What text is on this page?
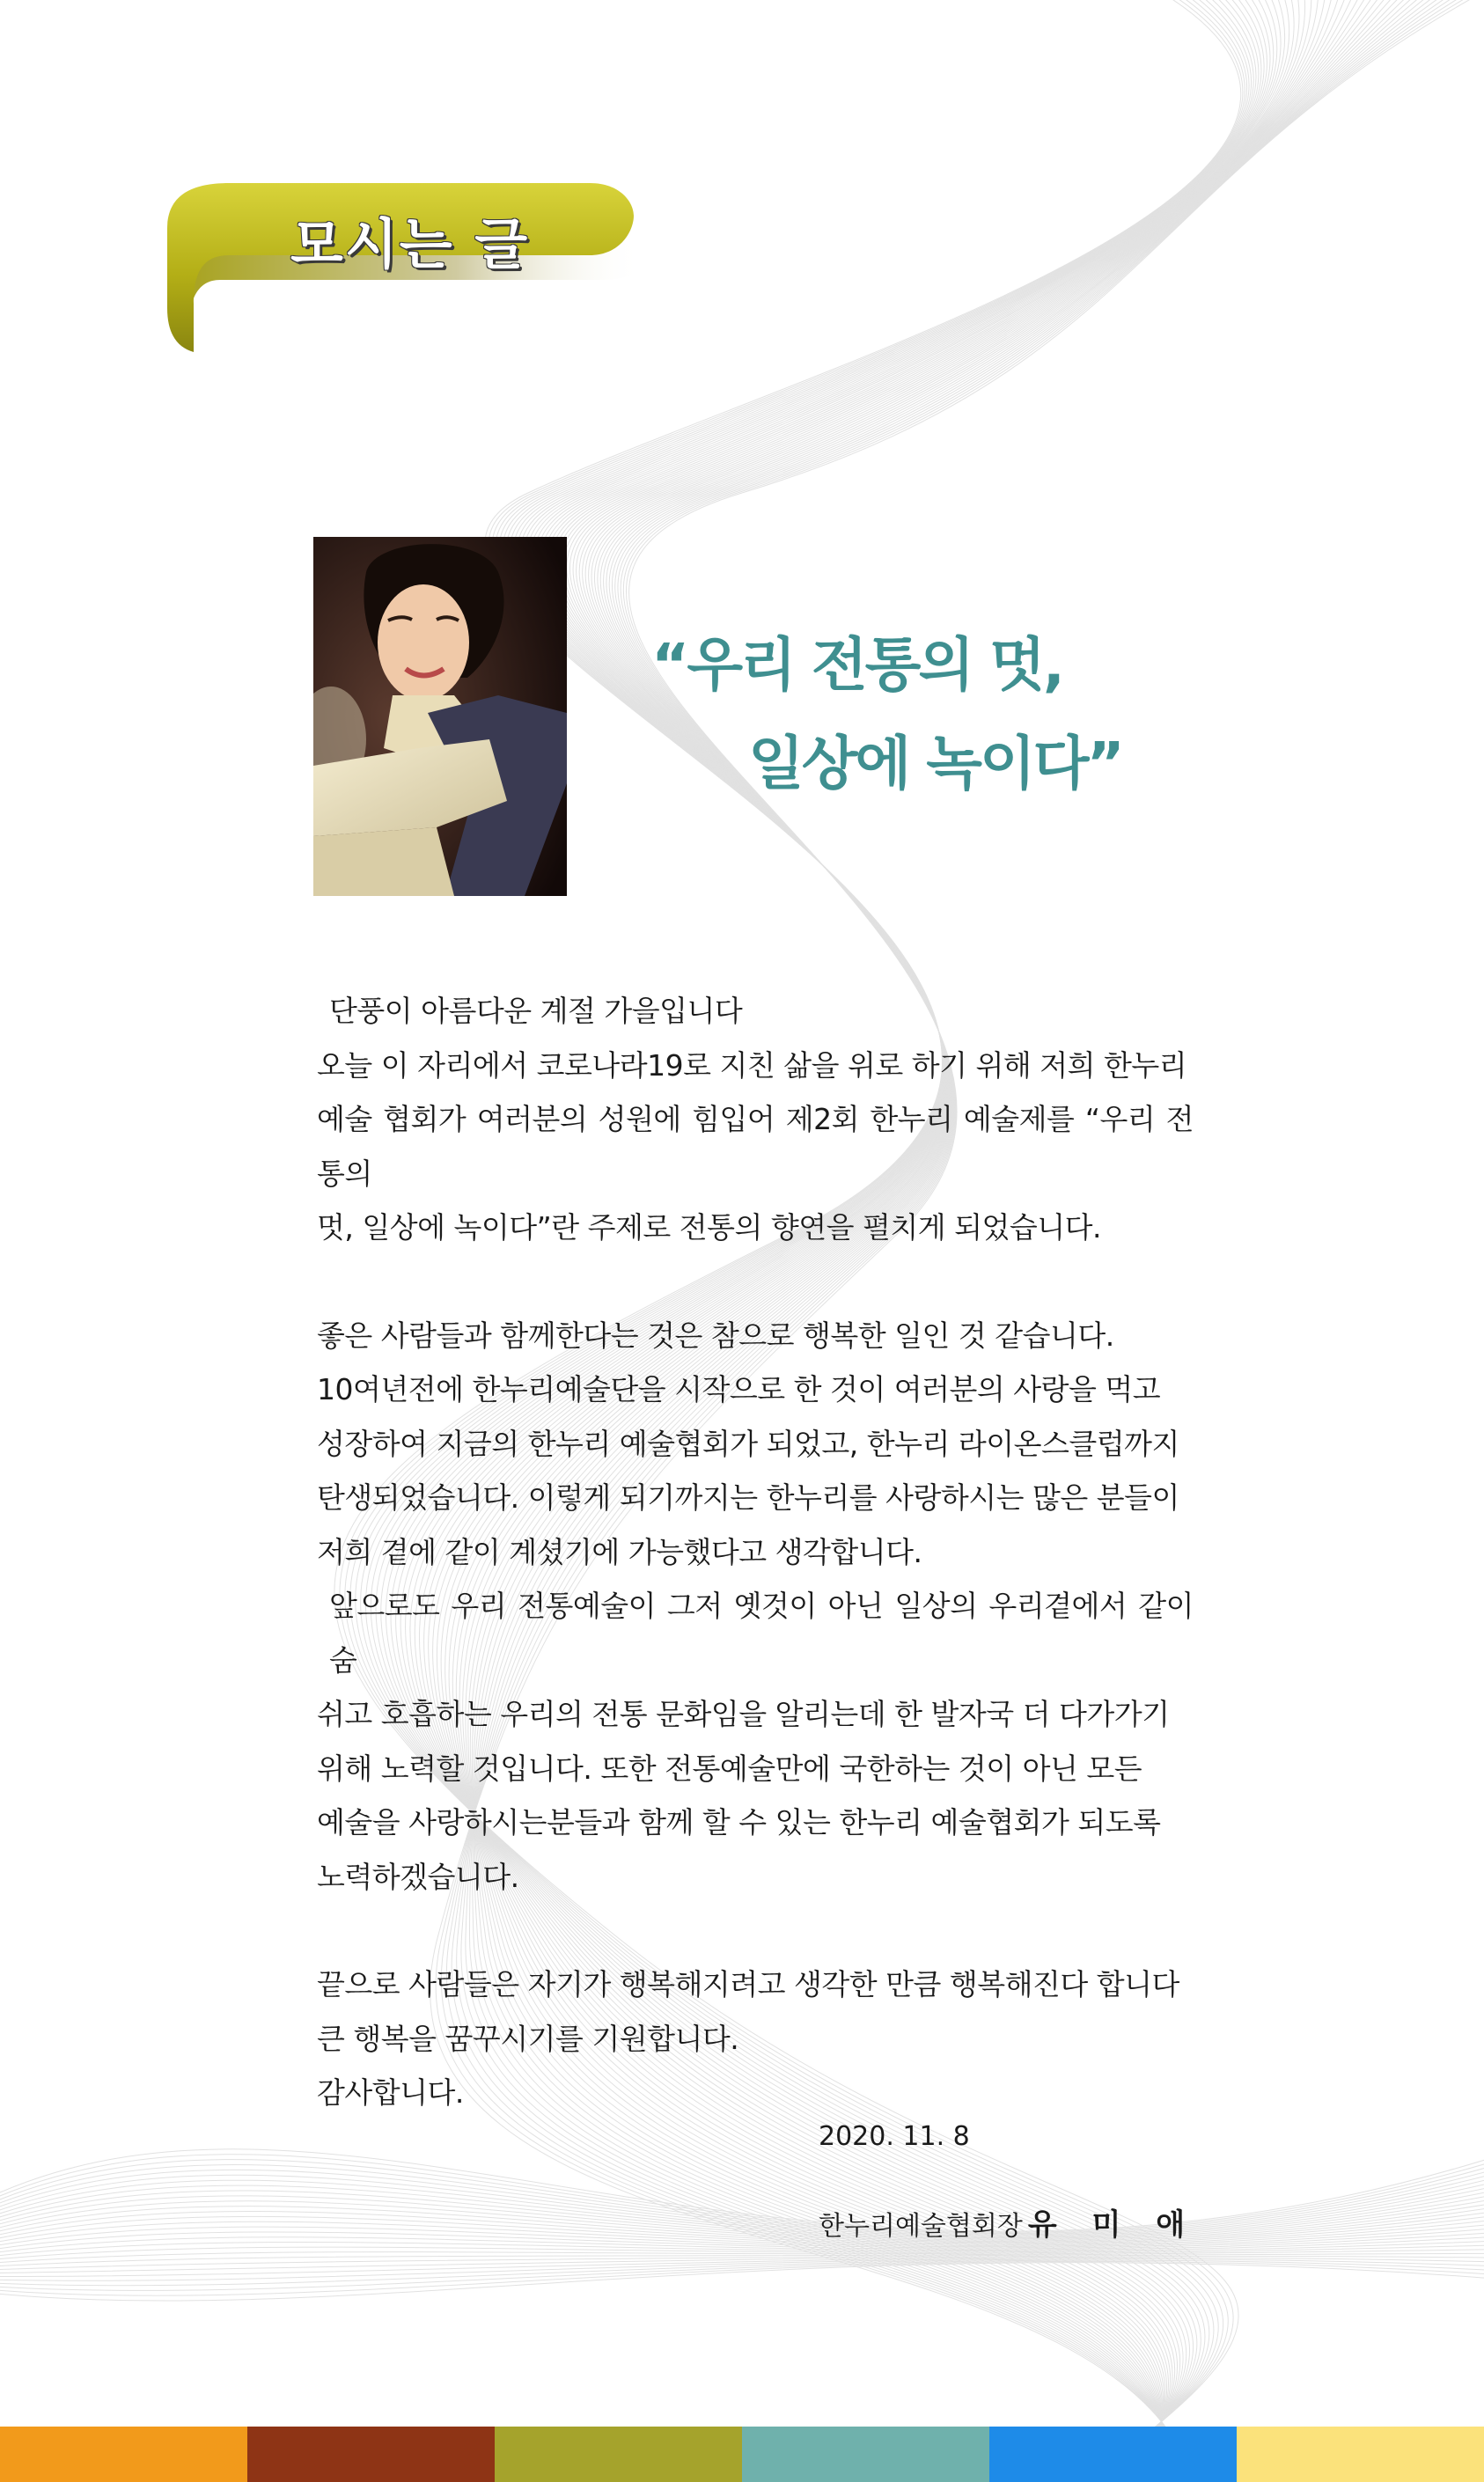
모시는 글
“우리 전통의 멋,
일상에 녹이다”

단풍이 아름다운 계절 가을입니다

오늘 이 자리에서 코로나라19로 지친 삶을 위로 하기 위해 저희 한누리

예술 협회가 여러분의 성원에 힘입어 제2회 한누리 예술제를 “우리 전통의

멋, 일상에 녹이다”란 주제로 전통의 향연을 펼치게 되었습니다.

좋은 사람들과 함께한다는 것은 참으로 행복한 일인 것 같습니다.

10여년전에 한누리예술단을 시작으로 한 것이 여러분의 사랑을 먹고

성장하여 지금의 한누리 예술협회가 되었고, 한누리 라이온스클럽까지

탄생되었습니다. 이렇게 되기까지는 한누리를 사랑하시는 많은 분들이

저희 곁에 같이 계셨기에 가능했다고 생각합니다.

앞으로도 우리 전통예술이 그저 옛것이 아닌 일상의 우리곁에서 같이 숨

쉬고 호흡하는 우리의 전통 문화임을 알리는데 한 발자국 더 다가가기

위해 노력할 것입니다. 또한 전통예술만에 국한하는 것이 아닌 모든

예술을 사랑하시는분들과 함께 할 수 있는 한누리 예술협회가 되도록

노력하겠습니다.

끝으로 사람들은 자기가 행복해지려고 생각한 만큼 행복해진다 합니다

큰 행복을 꿈꾸시기를 기원합니다.

감사합니다.

2020. 11. 8
한누리예술협회장 유 미 애
